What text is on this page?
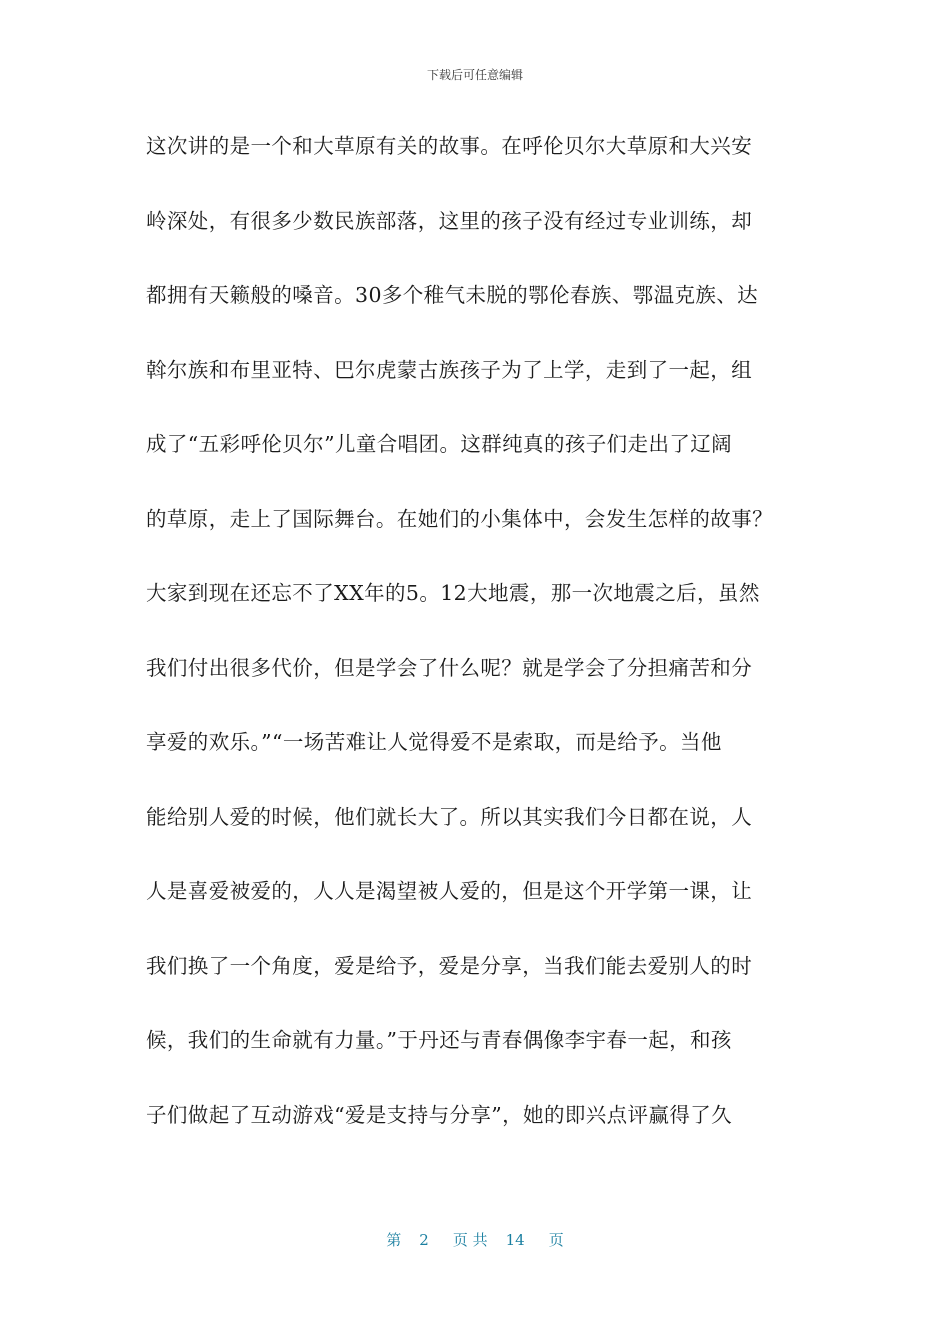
下载后可任意编辑
这次讲的是一个和大草原有关的故事。在呼伦贝尔大草原和大兴安
岭深处，有很多少数民族部落，这里的孩子没有经过专业训练，却
都拥有天籁般的嗓音。30多个稚气未脱的鄂伦春族、鄂温克族、达
斡尔族和布里亚特、巴尔虎蒙古族孩子为了上学，走到了一起，组
成了“五彩呼伦贝尔”儿童合唱团。这群纯真的孩子们走出了辽阔
的草原，走上了国际舞台。在她们的小集体中，会发生怎样的故事？
大家到现在还忘不了XX年的5。12大地震，那一次地震之后，虽然
我们付出很多代价，但是学会了什么呢？就是学会了分担痛苦和分
享爱的欢乐。”“一场苦难让人觉得爱不是索取，而是给予。当他
能给别人爱的时候，他们就长大了。所以其实我们今日都在说，人
人是喜爱被爱的，人人是渴望被人爱的，但是这个开学第一课，让
我们换了一个角度，爱是给予，爱是分享，当我们能去爱别人的时
候，我们的生命就有力量。”于丹还与青春偶像李宇春一起，和孩
子们做起了互动游戏“爱是支持与分享”，她的即兴点评赢得了久
第 2 页 共 14 页
